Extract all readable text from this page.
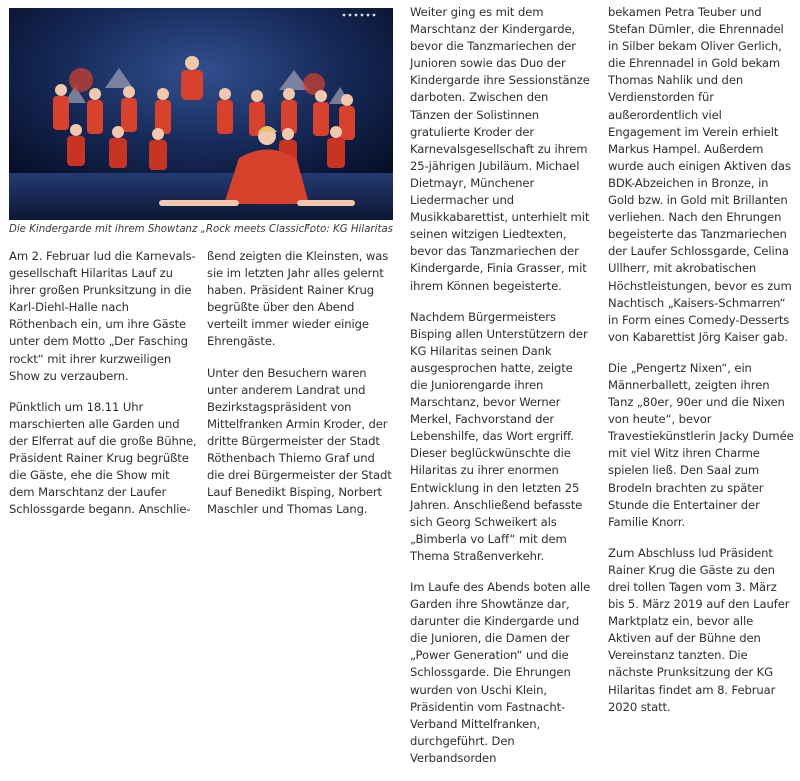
Die Kindergarde mit ihrem Showtanz „Rock meets Classic“.
Foto: KG Hilaritas

Am 2. Februar lud die Karnevalsgesellschaft Hilaritas Lauf zu ihrer großen Prunksitzung in die Karl-Diehl-Halle nach Röthenbach ein, um ihre Gäste unter dem Motto „Der Fasching rockt“ mit ihrer kurzweiligen Show zu verzaubern.

Pünktlich um 18.11 Uhr marschierten alle Garden und der Elferrat auf die große Bühne, Präsident Rainer Krug begrüßte die Gäste, ehe die Show mit dem Marschtanz der Laufer Schlossgarde begann. Anschlie-

ßend zeigten die Kleinsten, was sie im letzten Jahr alles gelernt haben. Präsident Rainer Krug begrüßte über den Abend verteilt immer wieder einige Ehrengäste.

Unter den Besuchern waren unter anderem Landrat und Bezirkstagspräsident von Mittelfranken Armin Kroder, der dritte Bürgermeister der Stadt Röthenbach Thiemo Graf und die drei Bürgermeister der Stadt Lauf Benedikt Bisping, Norbert Maschler und Thomas Lang.

Weiter ging es mit dem Marschtanz der Kindergarde, bevor die Tanzmariechen der Junioren sowie das Duo der Kindergarde ihre Sessionstänze darboten. Zwischen den Tänzen der Solistinnen gratulierte Kroder der Karnevalsgesellschaft zu ihrem 25-jährigen Jubiläum. Michael Dietmayr, Münchener Liedermacher und Musikkabarettist, unterhielt mit seinen witzigen Liedtexten, bevor das Tanzmariechen der Kindergarde, Finia Grasser, mit ihrem Können begeisterte.

Nachdem Bürgermeisters Bisping allen Unterstützern der KG Hilaritas seinen Dank ausgesprochen hatte, zeigte die Juniorengarde ihren Marschtanz, bevor Werner Merkel, Fachvorstand der Lebenshilfe, das Wort ergriff. Dieser beglückwünschte die Hilaritas zu ihrer enormen Entwicklung in den letzten 25 Jahren. Anschließend befasste sich Georg Schweikert als „Bimberla vo Laff“ mit dem Thema Straßenverkehr.

Im Laufe des Abends boten alle Garden ihre Showtänze dar, darunter die Kindergarde und die Junioren, die Damen der „Power Generation“ und die Schlossgarde. Die Ehrungen wurden von Uschi Klein, Präsidentin vom Fastnacht-Verband Mittelfranken, durchgeführt. Den Verbandsorden

bekamen Petra Teuber und Stefan Dümler, die Ehrennadel in Silber bekam Oliver Gerlich, die Ehrennadel in Gold bekam Thomas Nahlik und den Verdienstorden für außerordentlich viel Engagement im Verein erhielt Markus Hampel. Außerdem wurde auch einigen Aktiven das BDK-Abzeichen in Bronze, in Gold bzw. in Gold mit Brillanten verliehen. Nach den Ehrungen begeisterte das Tanzmariechen der Laufer Schlossgarde, Celina Ullherr, mit akrobatischen Höchstleistungen, bevor es zum Nachtisch „Kaisers-Schmarren“ in Form eines Comedy-Desserts von Kabarettist Jörg Kaiser gab.

Die „Pengertz Nixen“, ein Männerballett, zeigten ihren Tanz „80er, 90er und die Nixen von heute“, bevor Travestiekünstlerin Jacky Dumée mit viel Witz ihren Charme spielen ließ. Den Saal zum Brodeln brachten zu später Stunde die Entertainer der Familie Knorr.

Zum Abschluss lud Präsident Rainer Krug die Gäste zu den drei tollen Tagen vom 3. März bis 5. März 2019 auf den Laufer Marktplatz ein, bevor alle Aktiven auf der Bühne den Vereinstanz tanzten. Die nächste Prunksitzung der KG Hilaritas findet am 8. Februar 2020 statt.
